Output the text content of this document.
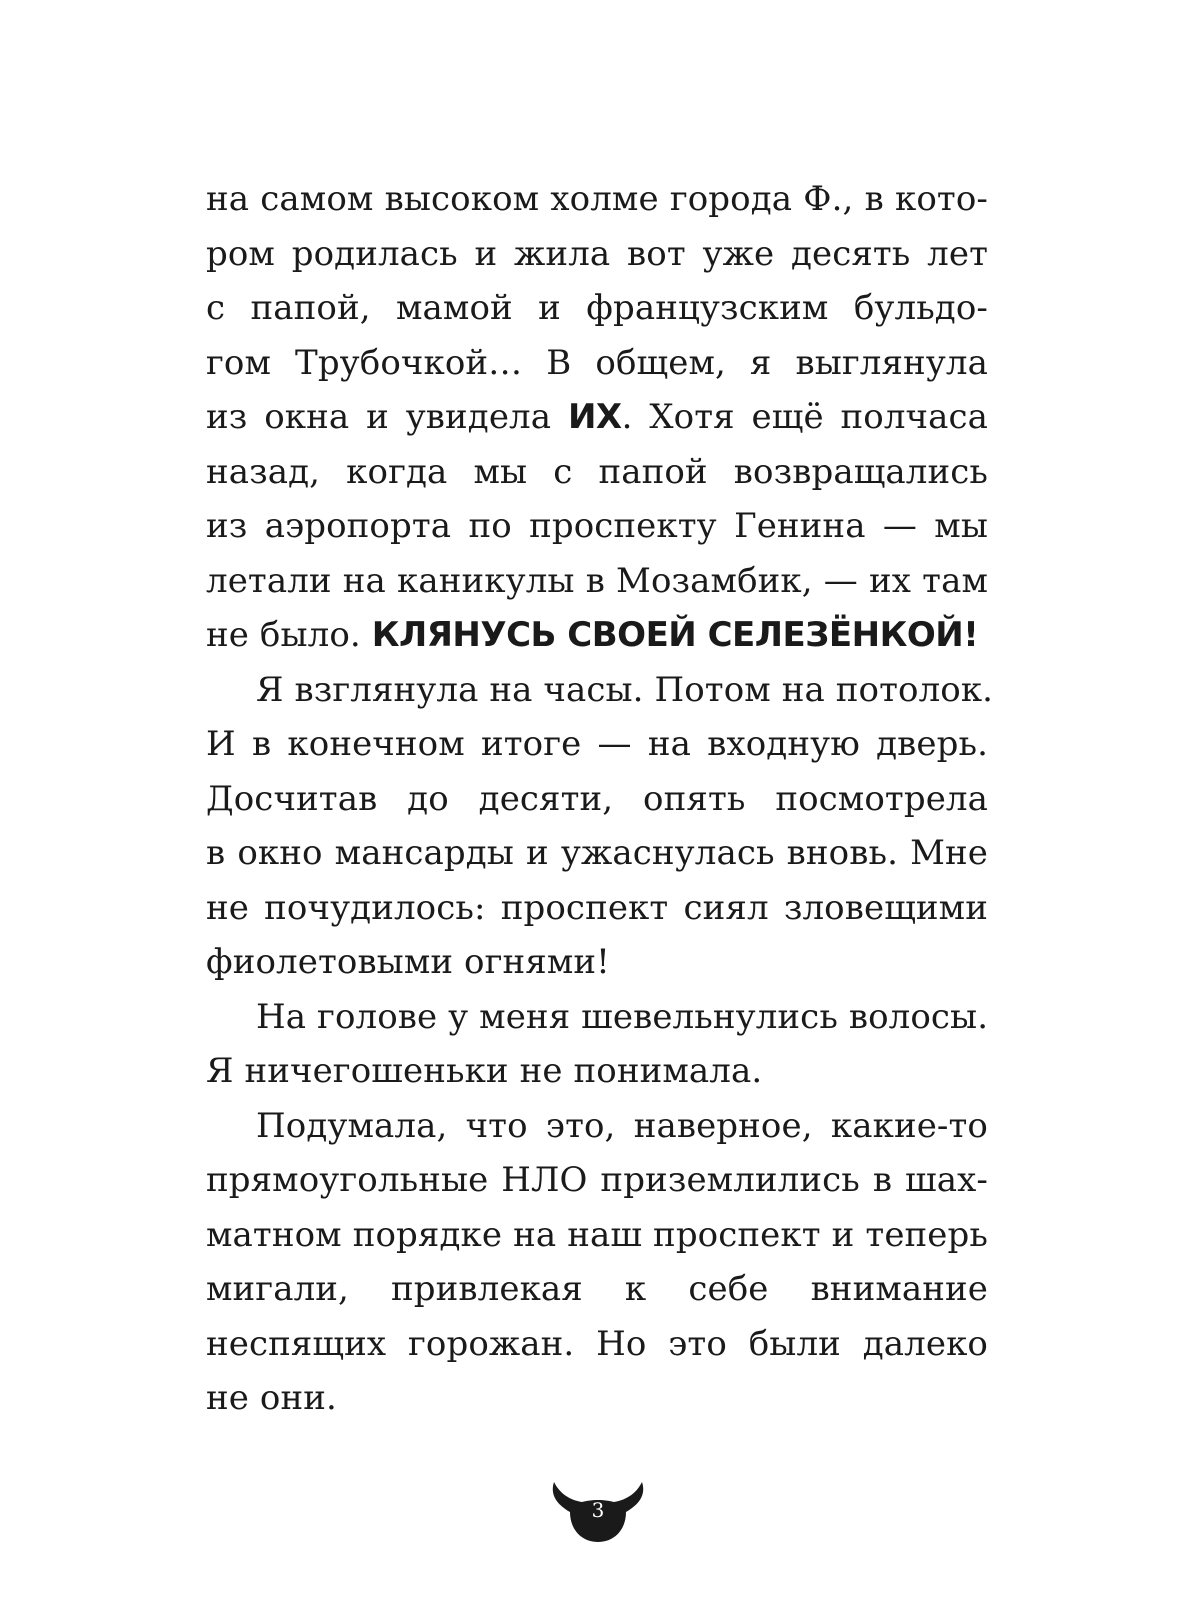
на самом высоком холме города Ф., в кото-
ром родилась и жила вот уже десять лет
с папой, мамой и французским бульдо-
гом Трубочкой… В общем, я выглянула
из окна и увидела ИХ. Хотя ещё полчаса
назад, когда мы с папой возвращались
из аэропорта по проспекту Генина — мы
летали на каникулы в Мозамбик, — их там
не было. КЛЯНУСЬ СВОЕЙ СЕЛЕЗЁНКОЙ!
Я взглянула на часы. Потом на потолок.
И в конечном итоге — на входную дверь.
Досчитав до десяти, опять посмотрела
в окно мансарды и ужаснулась вновь. Мне
не почудилось: проспект сиял зловещими
фиолетовыми огнями!
На голове у меня шевельнулись волосы.
Я ничегошеньки не понимала.
Подумала, что это, наверное, какие-то
прямоугольные НЛО приземлились в шах-
матном порядке на наш проспект и теперь
мигали, привлекая к себе внимание
неспящих горожан. Но это были далеко
не они.
3
